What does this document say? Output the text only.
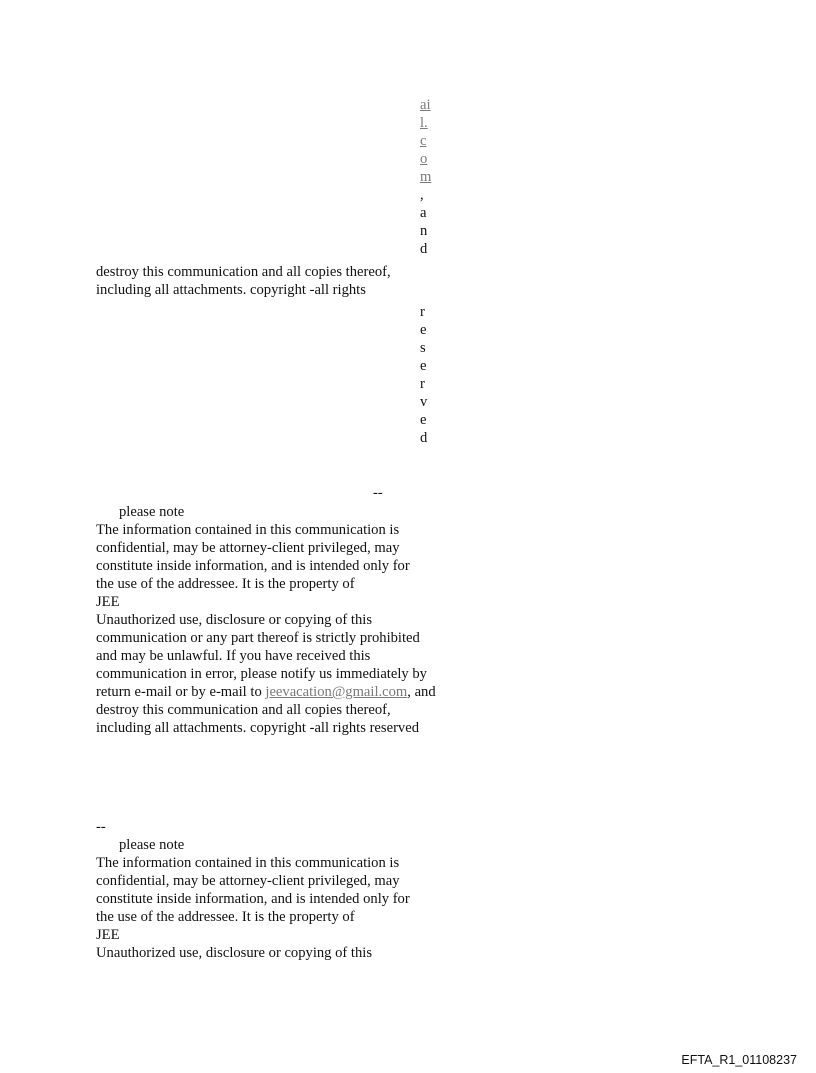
ai
l.
c
o
m
,
a
n
d
destroy this communication and all copies thereof,
including all attachments. copyright -all rights
r
e
s
e
r
v
e
d
--
please note
The information contained in this communication is
confidential, may be attorney-client privileged, may
constitute inside information, and is intended only for
the use of the addressee. It is the property of
JEE
Unauthorized use, disclosure or copying of this
communication or any part thereof is strictly prohibited
and may be unlawful. If you have received this
communication in error, please notify us immediately by
return e-mail or by e-mail to jeevacation@gmail.com, and
destroy this communication and all copies thereof,
including all attachments. copyright -all rights reserved
--
please note
The information contained in this communication is
confidential, may be attorney-client privileged, may
constitute inside information, and is intended only for
the use of the addressee. It is the property of
JEE
Unauthorized use, disclosure or copying of this
EFTA_R1_01108237
